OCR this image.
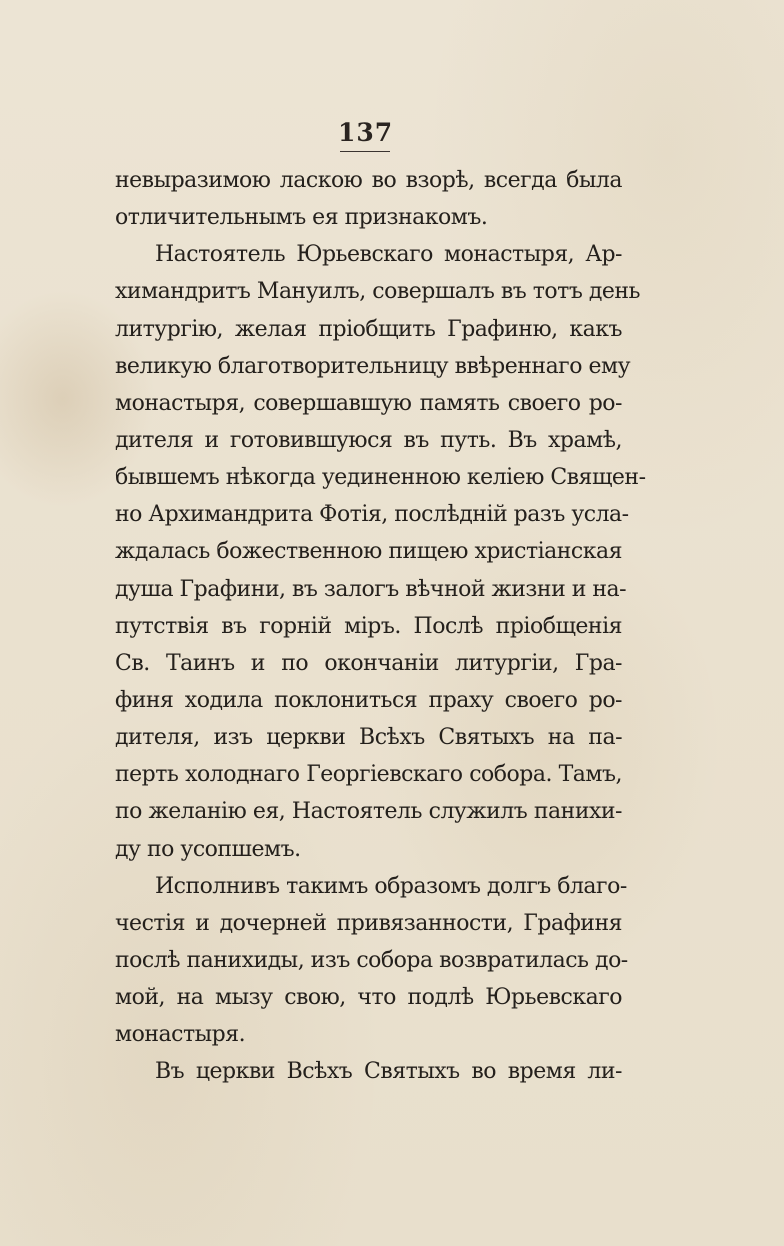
137
невыразимою ласкою во взорѣ, всегда была
отличительнымъ ея признакомъ.
Настоятель Юрьевскаго монастыря, Ар-
химандритъ Мануилъ, совершалъ въ тотъ день
литургію, желая пріобщить Графиню, какъ
великую благотворительницу ввѣреннаго ему
монастыря, совершавшую память своего ро-
дителя и готовившуюся въ путь. Въ храмѣ,
бывшемъ нѣкогда уединенною келіею Священ-
но Архимандрита Фотія, послѣдній разъ усла-
ждалась божественною пищею христіанская
душа Графини, въ залогъ вѣчной жизни и на-
путствія въ горній міръ. Послѣ пріобщенія
Св. Таинъ и по окончаніи литургіи, Гра-
финя ходила поклониться праху своего ро-
дителя, изъ церкви Всѣхъ Святыхъ на па-
перть холоднаго Георгіевскаго собора. Тамъ,
по желанію ея, Настоятель служилъ панихи-
ду по усопшемъ.
Исполнивъ такимъ образомъ долгъ благо-
честія и дочерней привязанности, Графиня
послѣ панихиды, изъ собора возвратилась до-
мой, на мызу свою, что подлѣ Юрьевскаго
монастыря.
Въ церкви Всѣхъ Святыхъ во время ли-
